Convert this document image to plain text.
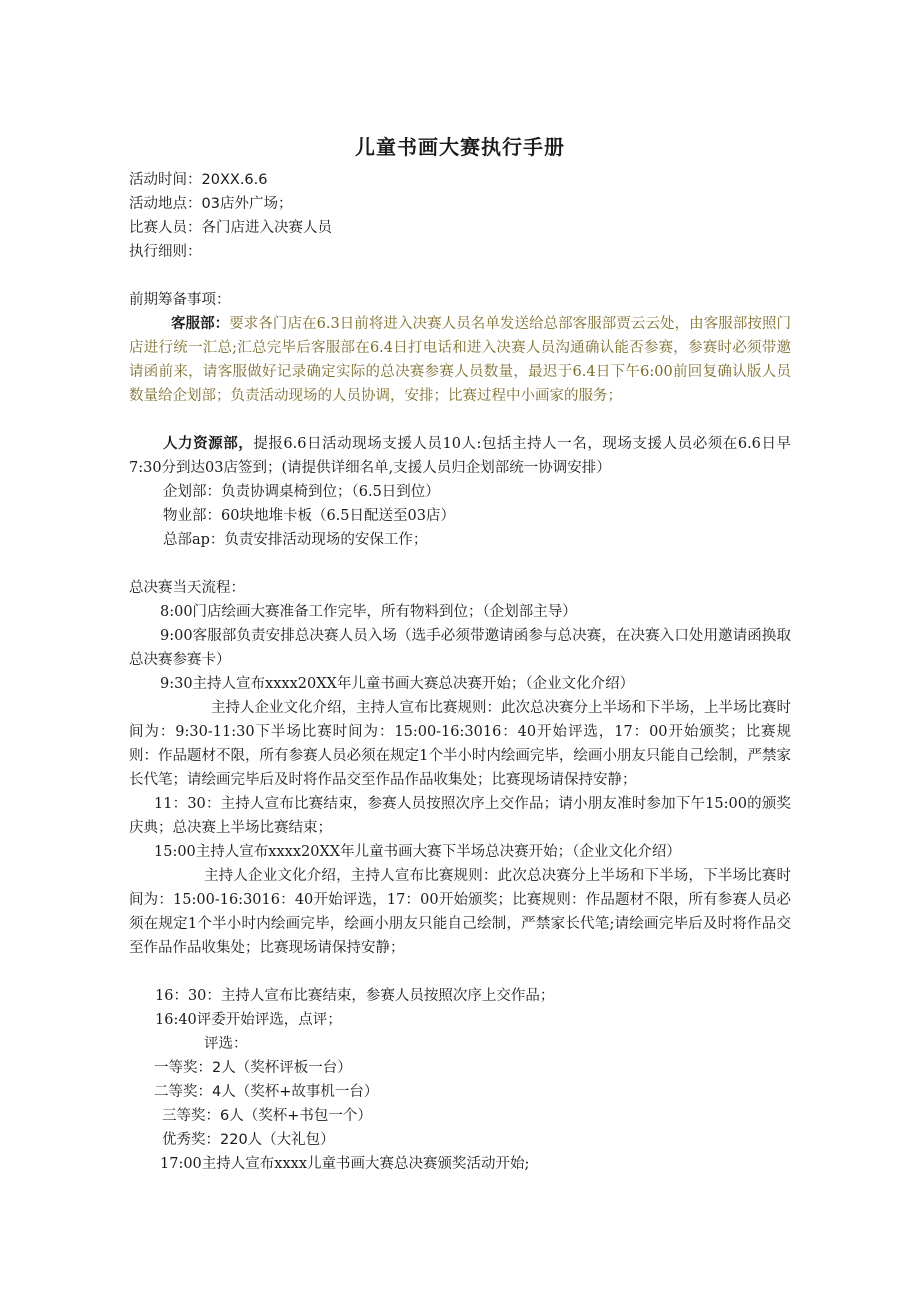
儿童书画大赛执行手册
活动时间：20XX.6.6
活动地点：03店外广场；
比赛人员：各门店进入决赛人员
执行细则：
前期筹备事项：
客服部：要求各门店在6.3日前将进入决赛人员名单发送给总部客服部贾云云处，由客服部按照门店进行统一汇总;汇总完毕后客服部在6.4日打电话和进入决赛人员沟通确认能否参赛，参赛时必须带邀请函前来，请客服做好记录确定实际的总决赛参赛人员数量，最迟于6.4日下午6:00前回复确认版人员数量给企划部；负责活动现场的人员协调，安排；比赛过程中小画家的服务；
人力资源部，提报6.6日活动现场支援人员10人:包括主持人一名，现场支援人员必须在6.6日早7:30分到达03店签到；(请提供详细名单,支援人员归企划部统一协调安排）
企划部：负责协调桌椅到位；（6.5日到位）
物业部：60块地堆卡板（6.5日配送至03店）
总部ap：负责安排活动现场的安保工作；
总决赛当天流程：
8:00门店绘画大赛准备工作完毕，所有物料到位；（企划部主导）
9:00客服部负责安排总决赛人员入场（选手必须带邀请函参与总决赛，在决赛入口处用邀请函换取总决赛参赛卡）
9:30主持人宣布xxxx20XX年儿童书画大赛总决赛开始；（企业文化介绍）
主持人企业文化介绍，主持人宣布比赛规则：此次总决赛分上半场和下半场，上半场比赛时间为：9:30-11:30下半场比赛时间为：15:00-16:3016：40开始评选，17：00开始颁奖；比赛规则：作品题材不限，所有参赛人员必须在规定1个半小时内绘画完毕，绘画小朋友只能自己绘制，严禁家长代笔；请绘画完毕后及时将作品交至作品作品收集处；比赛现场请保持安静；
11：30：主持人宣布比赛结束，参赛人员按照次序上交作品；请小朋友准时参加下午15:00的颁奖庆典；总决赛上半场比赛结束；
15:00主持人宣布xxxx20XX年儿童书画大赛下半场总决赛开始；（企业文化介绍）
主持人企业文化介绍，主持人宣布比赛规则：此次总决赛分上半场和下半场，下半场比赛时间为：15:00-16:3016：40开始评选，17：00开始颁奖；比赛规则：作品题材不限，所有参赛人员必须在规定1个半小时内绘画完毕，绘画小朋友只能自己绘制，严禁家长代笔;请绘画完毕后及时将作品交至作品作品收集处；比赛现场请保持安静；
16：30：主持人宣布比赛结束，参赛人员按照次序上交作品；
16:40评委开始评选，点评；
评选：
一等奖：2人（奖杯评板一台）
二等奖：4人（奖杯+故事机一台）
三等奖：6人（奖杯+书包一个）
优秀奖：220人（大礼包）
17:00主持人宣布xxxx儿童书画大赛总决赛颁奖活动开始;
